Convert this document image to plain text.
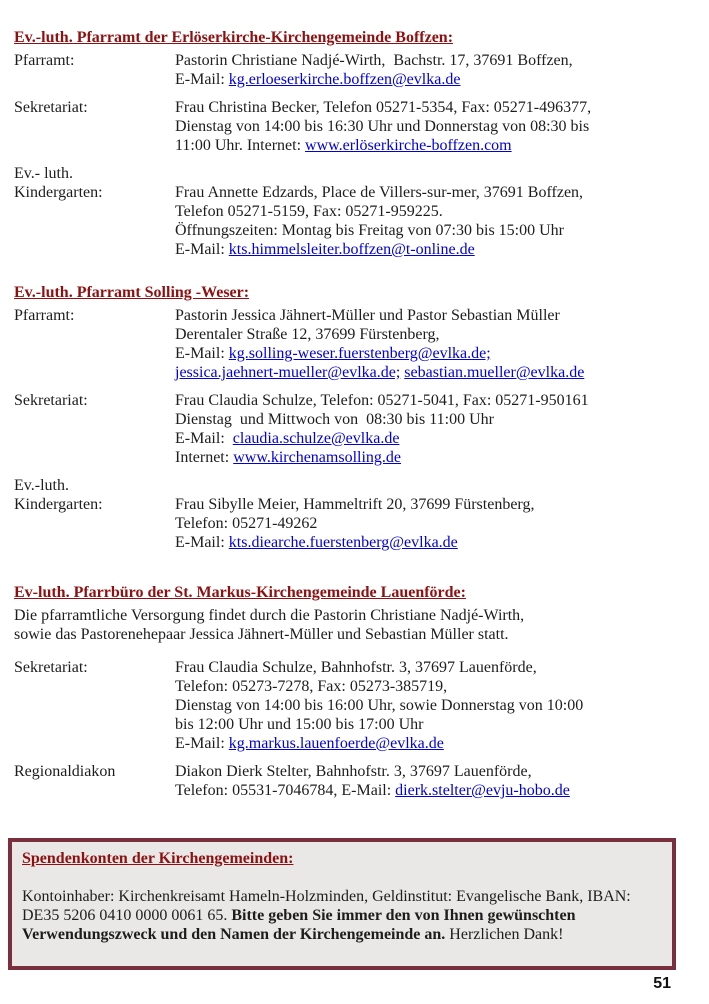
Ev.-luth. Pfarramt der Erlöserkirche-Kirchengemeinde Boffzen:
Pfarramt:	Pastorin Christiane Nadjé-Wirth,  Bachstr. 17, 37691 Boffzen,
E-Mail: kg.erloeserkirche.boffzen@evlka.de
Sekretariat:	Frau Christina Becker, Telefon 05271-5354, Fax: 05271-496377,
Dienstag von 14:00 bis 16:30 Uhr und Donnerstag von 08:30 bis
11:00 Uhr. Internet: www.erlöserkirche-boffzen.com
Ev.- luth.
Kindergarten:	Frau Annette Edzards, Place de Villers-sur-mer, 37691 Boffzen,
Telefon 05271-5159, Fax: 05271-959225.
Öffnungszeiten: Montag bis Freitag von 07:30 bis 15:00 Uhr
E-Mail: kts.himmelsleiter.boffzen@t-online.de
Ev.-luth. Pfarramt Solling -Weser:
Pfarramt:	Pastorin Jessica Jähnert-Müller und Pastor Sebastian Müller
Derentaler Straße 12, 37699 Fürstenberg,
E-Mail: kg.solling-weser.fuerstenberg@evlka.de;
jessica.jaehnert-mueller@evlka.de; sebastian.mueller@evlka.de
Sekretariat:	Frau Claudia Schulze, Telefon: 05271-5041, Fax: 05271-950161
Dienstag  und Mittwoch von  08:30 bis 11:00 Uhr
E-Mail:  claudia.schulze@evlka.de
Internet: www.kirchenamsolling.de
Ev.-luth.
Kindergarten:	Frau Sibylle Meier, Hammeltrift 20, 37699 Fürstenberg,
Telefon: 05271-49262
E-Mail: kts.diearche.fuerstenberg@evlka.de
Ev-luth. Pfarrbüro der St. Markus-Kirchengemeinde Lauenförde:
Die pfarramtliche Versorgung findet durch die Pastorin Christiane Nadjé-Wirth,
sowie das Pastorenehepaar Jessica Jähnert-Müller und Sebastian Müller statt.
Sekretariat:	Frau Claudia Schulze, Bahnhofstr. 3, 37697 Lauenförde,
Telefon: 05273-7278, Fax: 05273-385719,
Dienstag von 14:00 bis 16:00 Uhr, sowie Donnerstag von 10:00
bis 12:00 Uhr und 15:00 bis 17:00 Uhr
E-Mail: kg.markus.lauenfoerde@evlka.de
Regionaldiakon	Diakon Dierk Stelter, Bahnhofstr. 3, 37697 Lauenförde,
Telefon: 05531-7046784, E-Mail: dierk.stelter@evju-hobo.de
Spendenkonten der Kirchengemeinden:

Kontoinhaber: Kirchenkreisamt Hameln-Holzminden, Geldinstitut: Evangelische Bank, IBAN: DE35 5206 0410 0000 0061 65. Bitte geben Sie immer den von Ihnen gewünschten Verwendungszweck und den Namen der Kirchengemeinde an. Herzlichen Dank!

51
